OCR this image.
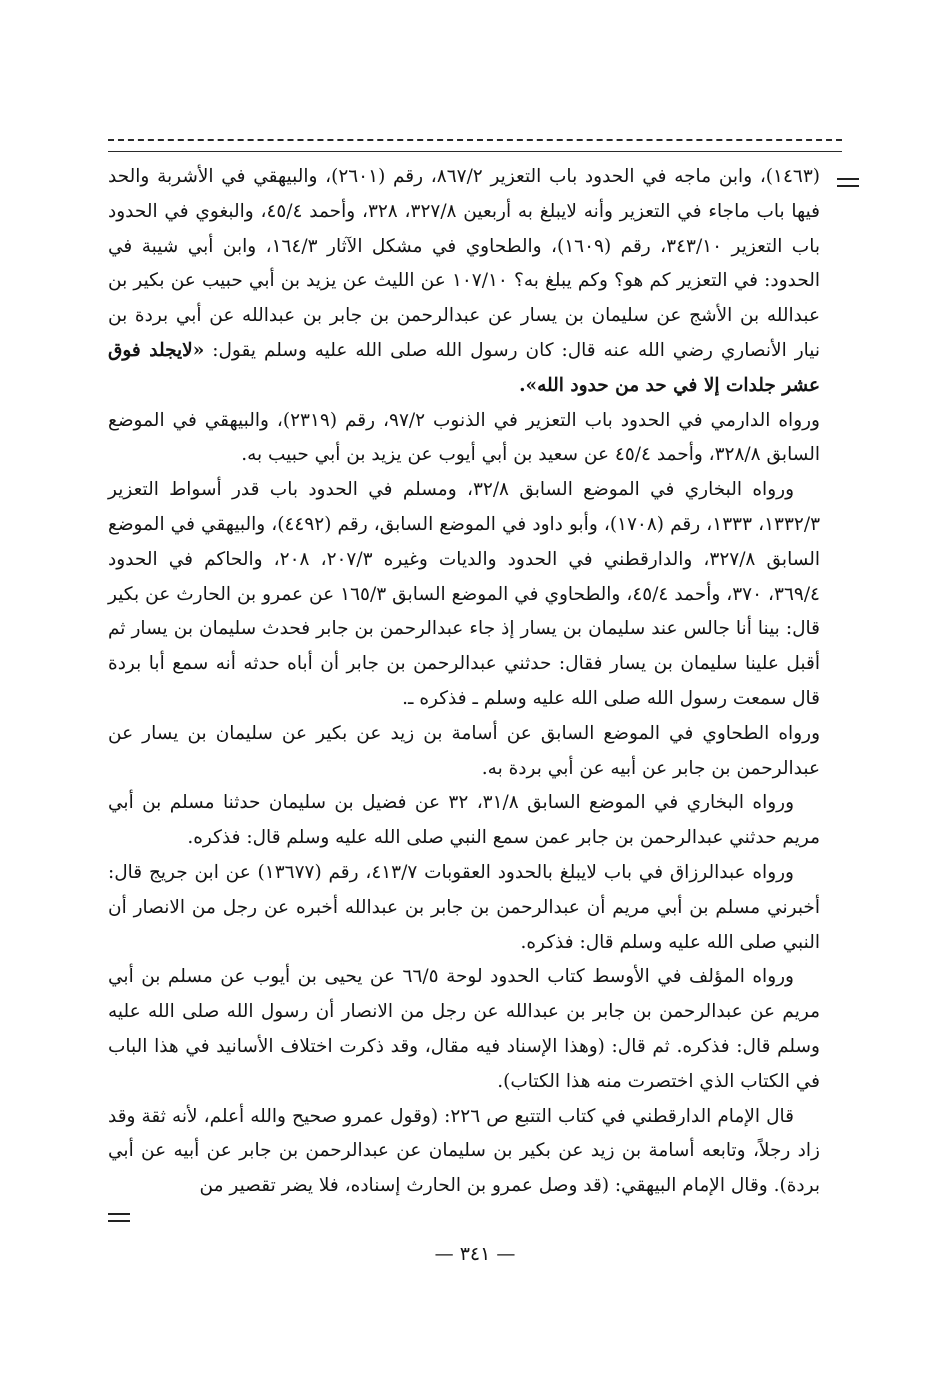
(١٤٦٣)، وابن ماجه في الحدود باب التعزير ٨٦٧/٢، رقم (٢٦٠١)، والبيهقي في الأشربة والحد فيها باب ماجاء في التعزير وأنه لايبلغ به أربعين ٣٢٧/٨، ٣٢٨، وأحمد ٤٥/٤، والبغوي في الحدود باب التعزير ٣٤٣/١٠، رقم (١٦٠٩)، والطحاوي في مشكل الآثار ١٦٤/٣، وابن أبي شيبة في الحدود: في التعزير كم هو؟ وكم يبلغ به؟ ١٠٧/١٠ عن الليث عن يزيد بن أبي حبيب عن بكير بن عبدالله بن الأشج عن سليمان بن يسار عن عبدالرحمن بن جابر بن عبدالله عن أبي بردة بن نيار الأنصاري رضي الله عنه قال: كان رسول الله صلى الله عليه وسلم يقول: «لايجلد فوق عشر جلدات إلا في حد من حدود الله».

ورواه الدارمي في الحدود باب التعزير في الذنوب ٩٧/٢، رقم (٢٣١٩)، والبيهقي في الموضع السابق ٣٢٨/٨، وأحمد ٤٥/٤ عن سعيد بن أبي أيوب عن يزيد بن أبي حبيب به.

ورواه البخاري في الموضع السابق ٣٢/٨، ومسلم في الحدود باب قدر أسواط التعزير ١٣٣٢/٣، ١٣٣٣، رقم (١٧٠٨)، وأبو داود في الموضع السابق، رقم (٤٤٩٢)، والبيهقي في الموضع السابق ٣٢٧/٨، والدارقطني في الحدود والديات وغيره ٢٠٧/٣، ٢٠٨، والحاكم في الحدود ٣٦٩/٤، ٣٧٠، وأحمد ٤٥/٤، والطحاوي في الموضع السابق ١٦٥/٣ عن عمرو بن الحارث عن بكير قال: بينا أنا جالس عند سليمان بن يسار إذ جاء عبدالرحمن بن جابر فحدث سليمان بن يسار ثم أقبل علينا سليمان بن يسار فقال: حدثني عبدالرحمن بن جابر أن أباه حدثه أنه سمع أبا بردة قال سمعت رسول الله صلى الله عليه وسلم ـ فذكره ـ.

ورواه الطحاوي في الموضع السابق عن أسامة بن زيد عن بكير عن سليمان بن يسار عن عبدالرحمن بن جابر عن أبيه عن أبي بردة به.

ورواه البخاري في الموضع السابق ٣١/٨، ٣٢ عن فضيل بن سليمان حدثنا مسلم بن أبي مريم حدثني عبدالرحمن بن جابر عمن سمع النبي صلى الله عليه وسلم قال: فذكره.

ورواه عبدالرزاق في باب لايبلغ بالحدود العقوبات ٤١٣/٧، رقم (١٣٦٧٧) عن ابن جريج قال: أخبرني مسلم بن أبي مريم أن عبدالرحمن بن جابر بن عبدالله أخبره عن رجل من الانصار أن النبي صلى الله عليه وسلم قال: فذكره.

ورواه المؤلف في الأوسط كتاب الحدود لوحة ٦٦/٥ عن يحيى بن أيوب عن مسلم بن أبي مريم عن عبدالرحمن بن جابر بن عبدالله عن رجل من الانصار أن رسول الله صلى الله عليه وسلم قال: فذكره. ثم قال: (وهذا الإسناد فيه مقال، وقد ذكرت اختلاف الأسانيد في هذا الباب في الكتاب الذي اختصرت منه هذا الكتاب).

قال الإمام الدارقطني في كتاب التتبع ص ٢٢٦: (وقول عمرو صحيح والله أعلم، لأنه ثقة وقد زاد رجلاً، وتابعه أسامة بن زيد عن بكير بن سليمان عن عبدالرحمن بن جابر عن أبيه عن أبي بردة). وقال الإمام البيهقي: (قد وصل عمرو بن الحارث إسناده، فلا يضر تقصير من

— ٣٤١ —
